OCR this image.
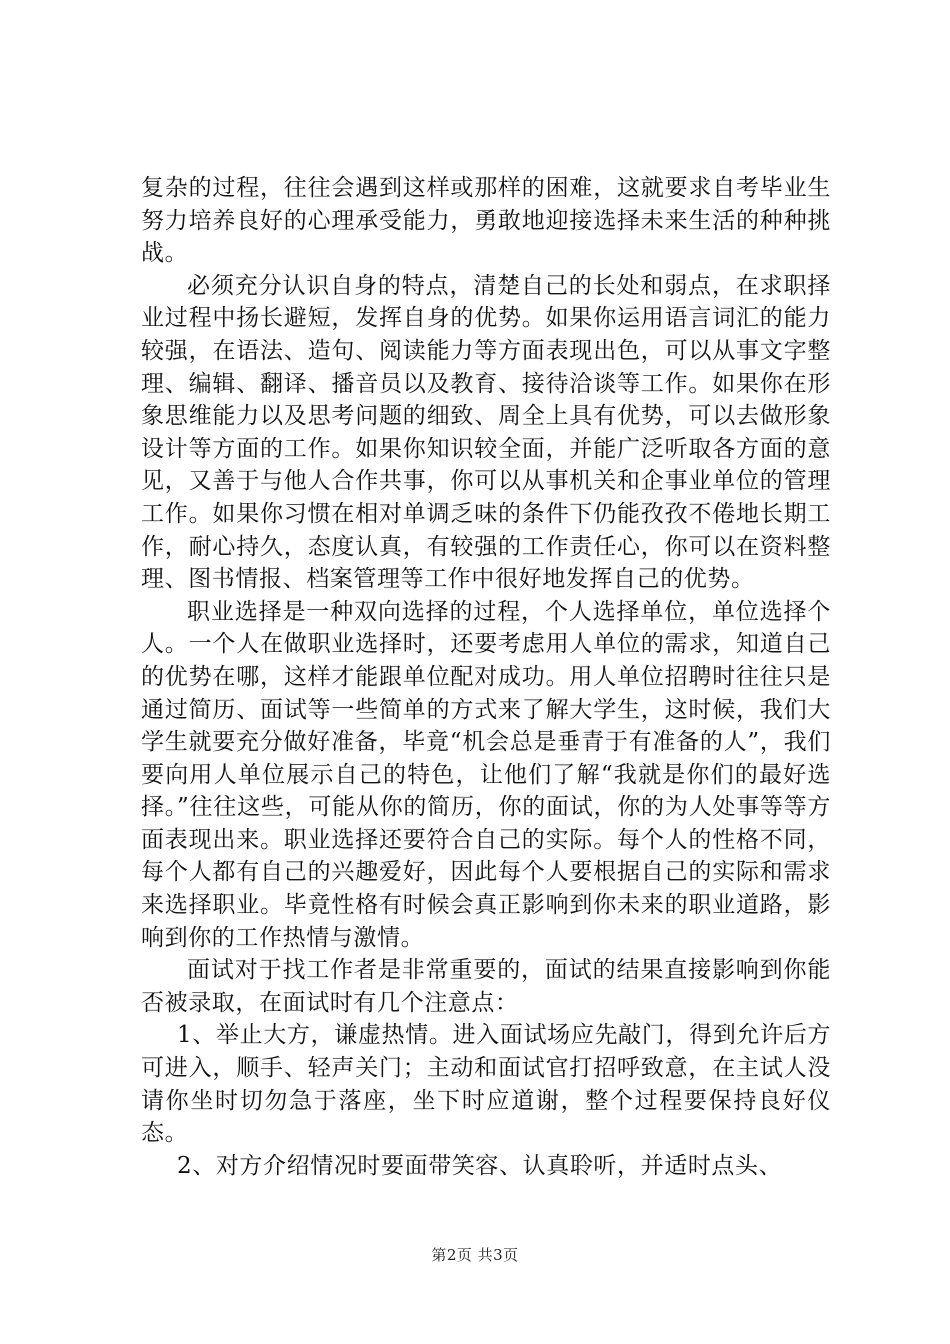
复杂的过程，往往会遇到这样或那样的困难，这就要求自考毕业生努力培养良好的心理承受能力，勇敢地迎接选择未来生活的种种挑战。

必须充分认识自身的特点，清楚自己的长处和弱点，在求职择业过程中扬长避短，发挥自身的优势。如果你运用语言词汇的能力较强，在语法、造句、阅读能力等方面表现出色，可以从事文字整理、编辑、翻译、播音员以及教育、接待洽谈等工作。如果你在形象思维能力以及思考问题的细致、周全上具有优势，可以去做形象设计等方面的工作。如果你知识较全面，并能广泛听取各方面的意见，又善于与他人合作共事，你可以从事机关和企事业单位的管理工作。如果你习惯在相对单调乏味的条件下仍能孜孜不倦地长期工作，耐心持久，态度认真，有较强的工作责任心，你可以在资料整理、图书情报、档案管理等工作中很好地发挥自己的优势。

职业选择是一种双向选择的过程，个人选择单位，单位选择个人。一个人在做职业选择时，还要考虑用人单位的需求，知道自己的优势在哪，这样才能跟单位配对成功。用人单位招聘时往往只是通过简历、面试等一些简单的方式来了解大学生，这时候，我们大学生就要充分做好准备，毕竟“机会总是垂青于有准备的人”，我们要向用人单位展示自己的特色，让他们了解“我就是你们的最好选择。”往往这些，可能从你的简历，你的面试，你的为人处事等等方面表现出来。职业选择还要符合自己的实际。每个人的性格不同，每个人都有自己的兴趣爱好，因此每个人要根据自己的实际和需求来选择职业。毕竟性格有时候会真正影响到你未来的职业道路，影响到你的工作热情与激情。

面试对于找工作者是非常重要的，面试的结果直接影响到你能否被录取，在面试时有几个注意点：

1、举止大方，谦虚热情。进入面试场应先敲门，得到允许后方可进入，顺手、轻声关门；主动和面试官打招呼致意，在主试人没请你坐时切勿急于落座，坐下时应道谢，整个过程要保持良好仪态。

2、对方介绍情况时要面带笑容、认真聆听，并适时点头、

第2页 共3页
